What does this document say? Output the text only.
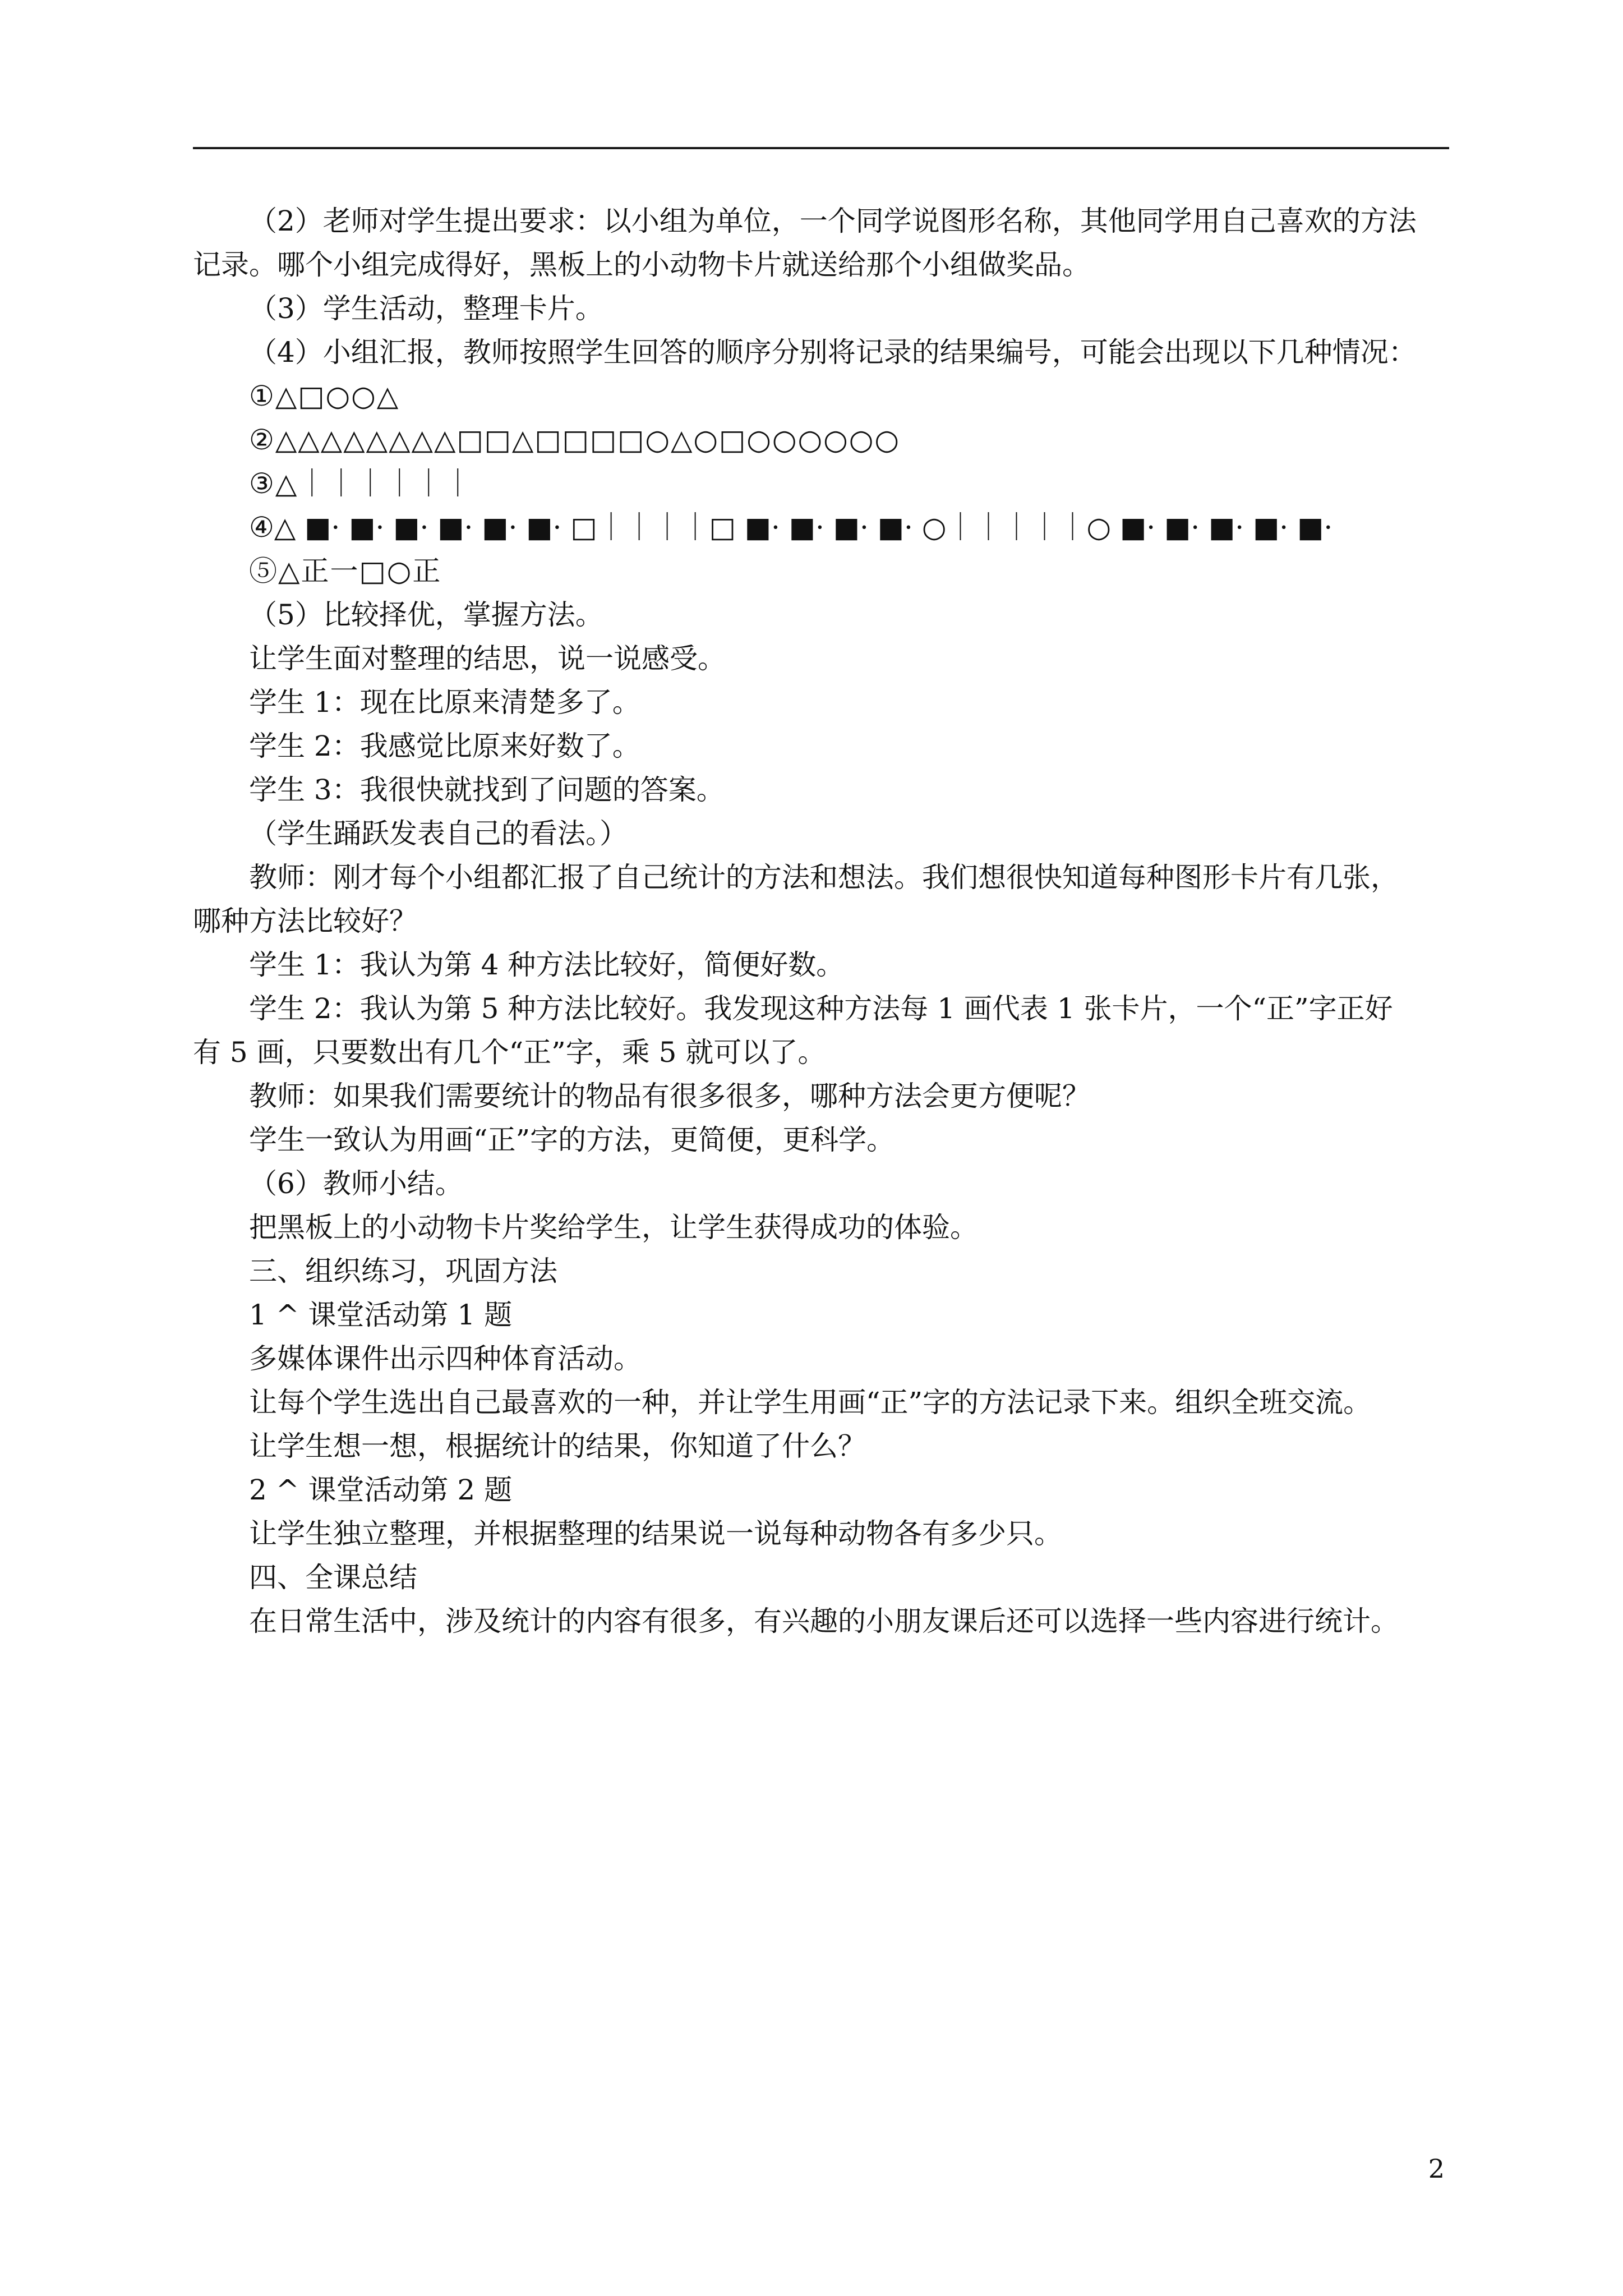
（2）老师对学生提出要求：以小组为单位，一个同学说图形名称，其他同学用自己喜欢的方法
记录。哪个小组完成得好，黑板上的小动物卡片就送给那个小组做奖品。
（3）学生活动，整理卡片。
（4）小组汇报，教师按照学生回答的顺序分别将记录的结果编号，可能会出现以下几种情况：
①△□○○△
②△△△△△△△△□□△□□□□○△○□○○○○○○
③△｜｜｜｜｜｜
④△ ■· ■· ■· ■· ■· ■· □｜｜｜｜□ ■· ■· ■· ■· ○｜｜｜｜｜○ ■· ■· ■· ■· ■·
⑤△正一□○正
（5）比较择优，掌握方法。
让学生面对整理的结思，说一说感受。
学生 1：现在比原来清楚多了。
学生 2：我感觉比原来好数了。
学生 3：我很快就找到了问题的答案。
（学生踊跃发表自己的看法。）
教师：刚才每个小组都汇报了自己统计的方法和想法。我们想很快知道每种图形卡片有几张，
哪种方法比较好？
学生 1：我认为第 4 种方法比较好，简便好数。
学生 2：我认为第 5 种方法比较好。我发现这种方法每 1 画代表 1 张卡片，一个“正”字正好
有 5 画，只要数出有几个“正”字，乘 5 就可以了。
教师：如果我们需要统计的物品有很多很多，哪种方法会更方便呢？
学生一致认为用画“正”字的方法，更简便，更科学。
（6）教师小结。
把黑板上的小动物卡片奖给学生，让学生获得成功的体验。
三、组织练习，巩固方法
1 ^ 课堂活动第 1 题
多媒体课件出示四种体育活动。
让每个学生选出自己最喜欢的一种，并让学生用画“正”字的方法记录下来。组织全班交流。
让学生想一想，根据统计的结果，你知道了什么？
2 ^ 课堂活动第 2 题
让学生独立整理，并根据整理的结果说一说每种动物各有多少只。
四、全课总结
在日常生活中，涉及统计的内容有很多，有兴趣的小朋友课后还可以选择一些内容进行统计。
2
